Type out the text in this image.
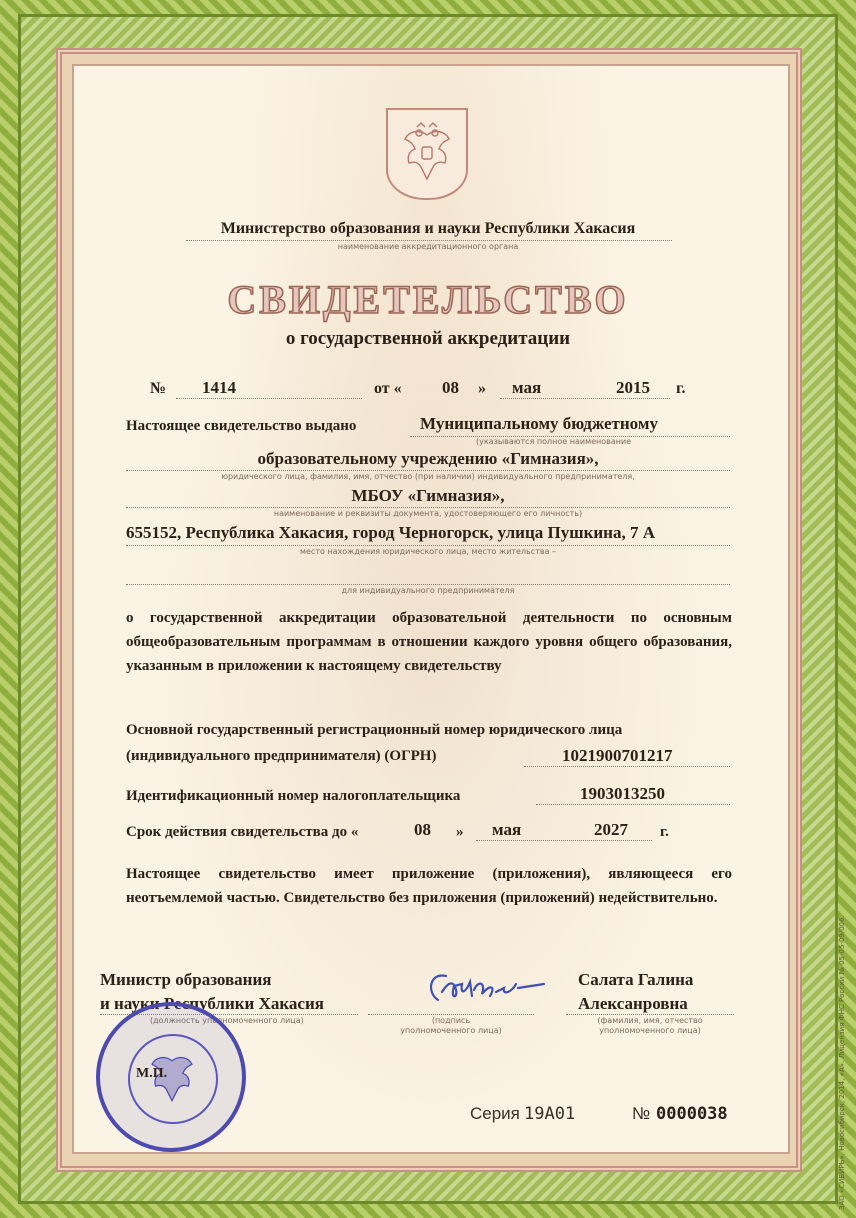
Министерство образования и науки Республики Хакасия
наименование аккредитационного органа
СВИДЕТЕЛЬСТВО
о государственной аккредитации
№ 1414	от « 08 » мая	2015 г.
Настоящее свидетельство выдано	Муниципальному бюджетному
(указываются полное наименование
образовательному учреждению «Гимназия»,
юридического лица, фамилия, имя, отчество (при наличии) индивидуального предпринимателя,
МБОУ «Гимназия»,
наименование и реквизиты документа, удостоверяющего его личность)
655152, Республика Хакасия, город Черногорск, улица Пушкина, 7 А
место нахождения юридического лица, место жительства –
для индивидуального предпринимателя
о государственной аккредитации образовательной деятельности по основным общеобразовательным программам в отношении каждого уровня общего образования, указанным в приложении к настоящему свидетельству
Основной государственный регистрационный номер юридического лица
(индивидуального предпринимателя) (ОГРН)	1021900701217
Идентификационный номер налогоплательщика	1903013250
Срок действия свидетельства до «	08 » мая	2027 г.
Настоящее свидетельство имеет приложение (приложения), являющееся его неотъемлемой частью. Свидетельство без приложения (приложений) недействительно.
Министр образования
и науки Республики Хакасия
(должность уполномоченного лица)	(подпись
уполномоченного лица)
Салата Галина
Алексанровна
(фамилия, имя, отчество
уполномоченного лица)
М.П.
Серия 19А01	№ 0000038	ЗАО «СИБИРЬ», Новосибирск, 2014, «А». Лицензия ФНС России № 05-05-09/006.
